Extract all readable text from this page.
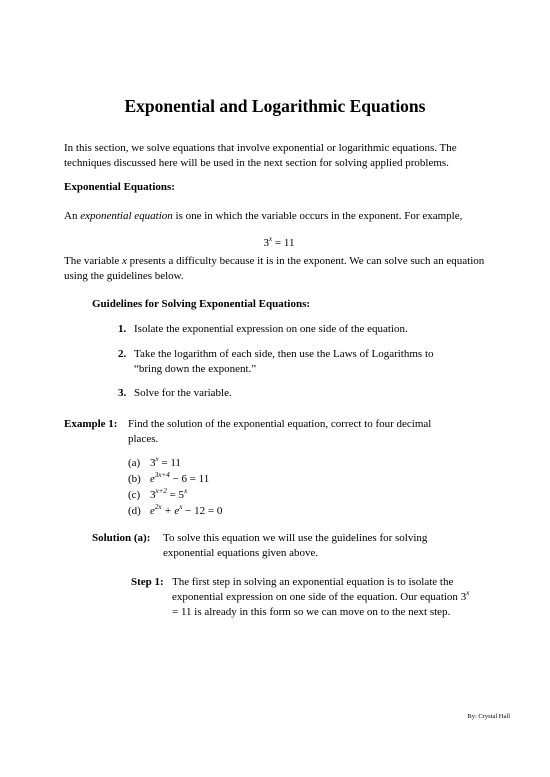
Exponential and Logarithmic Equations
In this section, we solve equations that involve exponential or logarithmic equations. The techniques discussed here will be used in the next section for solving applied problems.
Exponential Equations:
An exponential equation is one in which the variable occurs in the exponent. For example,
$3^x = 11$
The variable x presents a difficulty because it is in the exponent. We can solve such an equation using the guidelines below.
Guidelines for Solving Exponential Equations:
1. Isolate the exponential expression on one side of the equation.
2. Take the logarithm of each side, then use the Laws of Logarithms to “bring down the exponent.”
3. Solve for the variable.
Example 1: Find the solution of the exponential equation, correct to four decimal places.
(a) $3^x = 11$
(b) $e^{3x+4} - 6 = 11$
(c) $3^{x+2} = 5^x$
(d) $e^{2x} + e^x - 12 = 0$
Solution (a): To solve this equation we will use the guidelines for solving exponential equations given above.
Step 1: The first step in solving an exponential equation is to isolate the exponential expression on one side of the equation. Our equation $3^x = 11$ is already in this form so we can move on to the next step.
By: Crystal Hall
